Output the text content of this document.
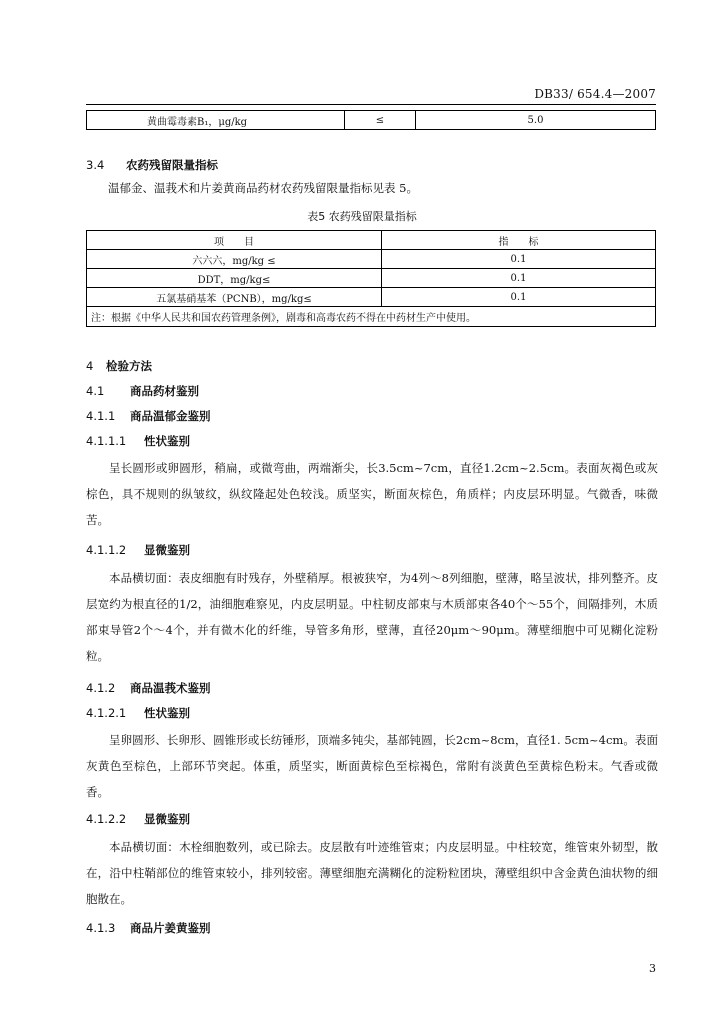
DB33/ 654.4—2007
黄曲霉毒素B₁，μg/kg	≤	5.0
3.4 农药残留限量指标
温郁金、温莪术和片姜黄商品药材农药残留限量指标见表 5。
表5 农药残留限量指标
项　　目	指　　标
六六六，mg/kg ≤	0.1
DDT，mg/kg≤	0.1
五氯基硝基苯（PCNB），mg/kg≤	0.1
注：根据《中华人民共和国农药管理条例》，剧毒和高毒农药不得在中药材生产中使用。	
4 检验方法
4.1 商品药材鉴别
4.1.1 商品温郁金鉴别
4.1.1.1 性状鉴别

呈长圆形或卵圆形，稍扁，或微弯曲，两端渐尖，长3.5cm~7cm，直径1.2cm~2.5cm。表面灰褐色或灰棕色，具不规则的纵皱纹，纵纹隆起处色较浅。质坚实，断面灰棕色，角质样；内皮层环明显。气微香，味微苦。

4.1.1.2 显微鉴别

本品横切面：表皮细胞有时残存，外壁稍厚。根被狭窄，为4列～8列细胞，壁薄，略呈波状，排列整齐。皮层宽约为根直径的1/2，油细胞难察见，内皮层明显。中柱韧皮部束与木质部束各40个～55个，间隔排列，木质部束导管2个～4个，并有微木化的纤维，导管多角形，壁薄，直径20μm～90μm。薄壁细胞中可见糊化淀粉粒。

4.1.2 商品温莪术鉴别
4.1.2.1 性状鉴别

呈卵圆形、长卵形、圆锥形或长纺锤形，顶端多钝尖，基部钝圆，长2cm~8cm，直径1. 5cm~4cm。表面灰黄色至棕色，上部环节突起。体重，质坚实，断面黄棕色至棕褐色，常附有淡黄色至黄棕色粉末。气香或微香。

4.1.2.2 显微鉴别

本品横切面：木栓细胞数列，或已除去。皮层散有叶迹维管束；内皮层明显。中柱较宽，维管束外韧型，散在，沿中柱鞘部位的维管束较小，排列较密。薄壁细胞充满糊化的淀粉粒团块，薄壁组织中含金黄色油状物的细胞散在。

4.1.3 商品片姜黄鉴别
3
